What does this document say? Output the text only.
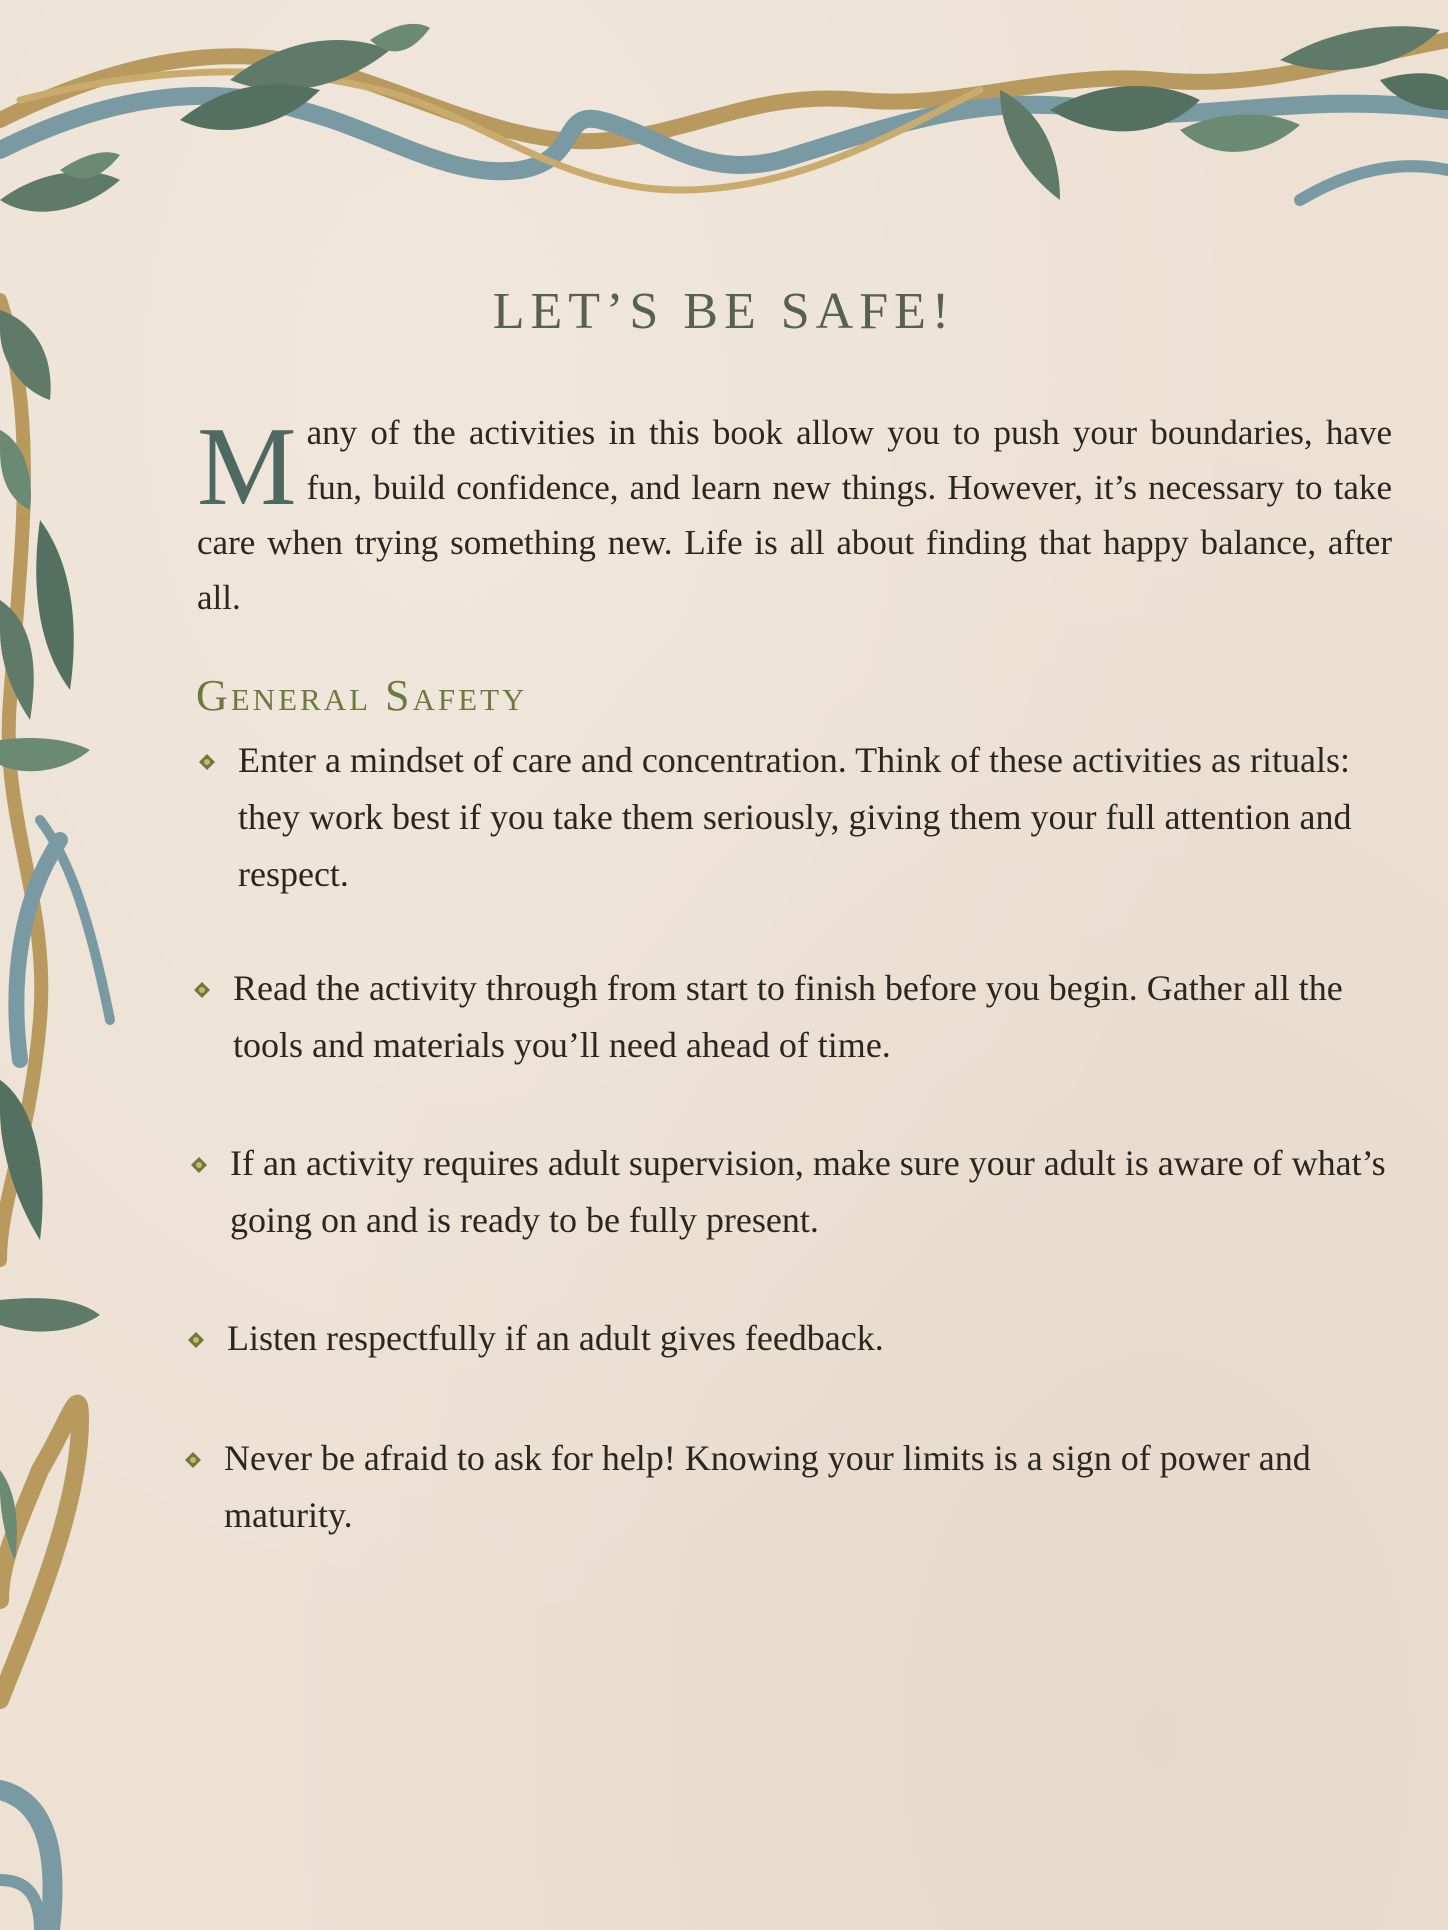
LET’S BE SAFE!

Many of the activities in this book allow you to push your boundaries, have fun, build confidence, and learn new things. However, it’s necessary to take care when trying something new. Life is all about finding that happy balance, after all.

General Safety

Enter a mindset of care and concentration. Think of these activities as rituals: they work best if you take them seriously, giving them your full attention and respect.

Read the activity through from start to finish before you begin. Gather all the tools and materials you’ll need ahead of time.

If an activity requires adult supervision, make sure your adult is aware of what’s going on and is ready to be fully present.

Listen respectfully if an adult gives feedback.

Never be afraid to ask for help! Knowing your limits is a sign of power and maturity.
